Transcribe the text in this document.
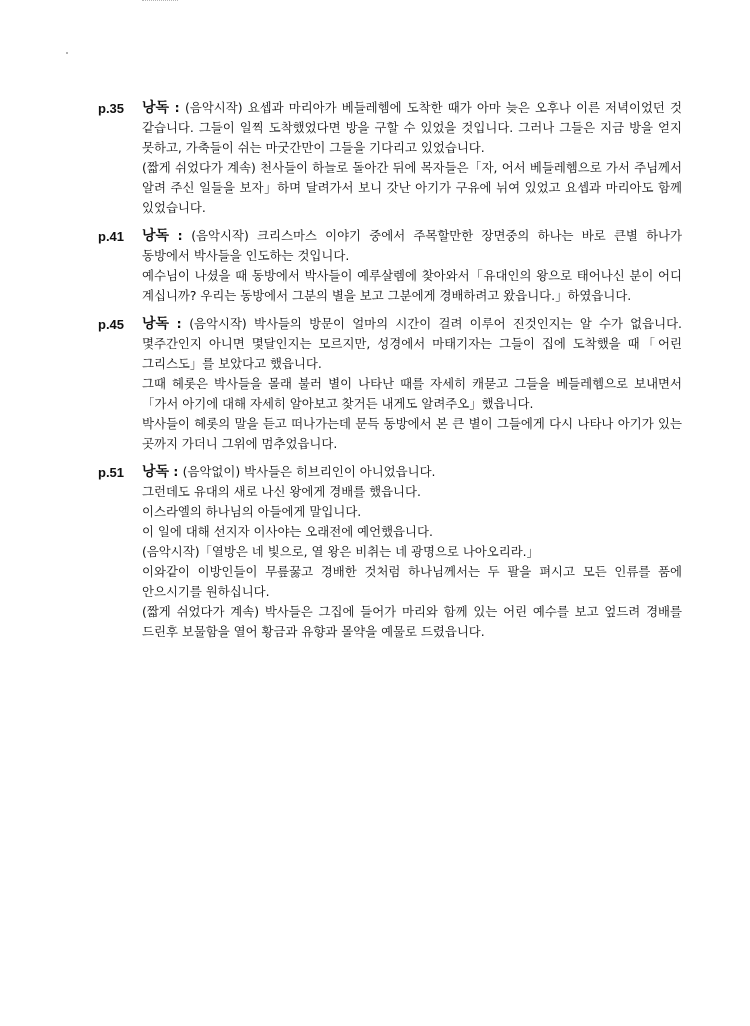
p.35	낭독 : (음악시작) 요셉과 마리아가 베들레헴에 도착한 때가 아마 늦은 오후나 이른 저녁이었던 것 같습니다. 그들이 일찍 도착했었다면 방을 구할 수 있었을 것입니다. 그러나 그들은 지금 방을 얻지 못하고, 가축들이 쉬는 마굿간만이 그들을 기다리고 있었습니다.

(짧게 쉬었다가 계속) 천사들이 하늘로 돌아간 뒤에 목자들은「자, 어서 베들레헴으로 가서 주님께서 알려 주신 일들을 보자」하며 달려가서 보니 갓난 아기가 구유에 뉘여 있었고 요셉과 마리아도 함께 있었습니다.

p.41	낭독 : (음악시작) 크리스마스 이야기 중에서 주목할만한 장면중의 하나는 바로 큰별 하나가 동방에서 박사들을 인도하는 것입니다.

예수님이 나셨을 때 동방에서 박사들이 예루살렘에 찾아와서「유대인의 왕으로 태어나신 분이 어디 계십니까? 우리는 동방에서 그분의 별을 보고 그분에게 경배하려고 왔읍니다.」하였읍니다.

p.45	낭독 : (음악시작) 박사들의 방문이 얼마의 시간이 걸려 이루어 진것인지는 알 수가 없읍니다. 몇주간인지 아니면 몇달인지는 모르지만, 성경에서 마태기자는 그들이 집에 도착했을 때「어린 그리스도」를 보았다고 했읍니다.

그때 헤롯은 박사들을 몰래 불러 별이 나타난 때를 자세히 캐묻고 그들을 베들레헴으로 보내면서「가서 아기에 대해 자세히 알아보고 찾거든 내게도 알려주오」했읍니다.

박사들이 헤롯의 말을 듣고 떠나가는데 문득 동방에서 본 큰 별이 그들에게 다시 나타나 아기가 있는 곳까지 가더니 그위에 멈추었읍니다.

p.51	낭독 : (음악없이) 박사들은 히브리인이 아니었읍니다.

그런데도 유대의 새로 나신 왕에게 경배를 했읍니다.

이스라엘의 하나님의 아들에게 말입니다.

이 일에 대해 선지자 이사야는 오래전에 예언했읍니다.

(음악시작)「열방은 네 빛으로, 열 왕은 비취는 네 광명으로 나아오리라.」

이와같이 이방인들이 무릎꿇고 경배한 것처럼 하나님께서는 두 팔을 펴시고 모든 인류를 품에 안으시기를 원하십니다.

(짧게 쉬었다가 계속) 박사들은 그집에 들어가 마리와 함께 있는 어린 예수를 보고 엎드려 경배를 드린후 보물함을 열어 황금과 유향과 몰약을 예물로 드렸읍니다.
